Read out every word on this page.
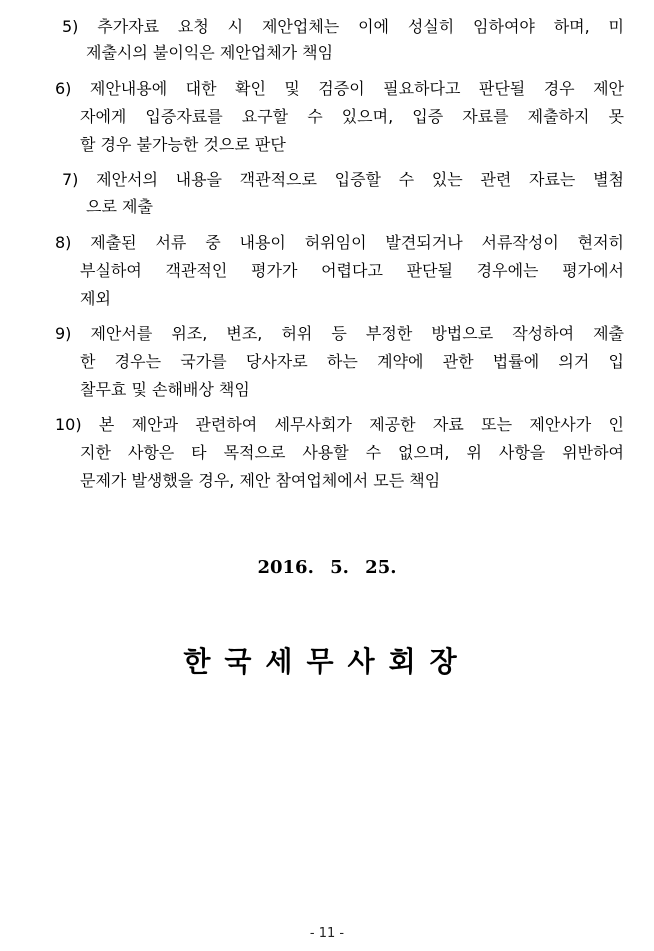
5) 추가자료 요청 시 제안업체는 이에 성실히 임하여야 하며, 미
제출시의 불이익은 제안업체가 책임
6) 제안내용에 대한 확인 및 검증이 필요하다고 판단될 경우 제안
자에게 입증자료를 요구할 수 있으며, 입증 자료를 제출하지 못
할 경우 불가능한 것으로 판단
7) 제안서의 내용을 객관적으로 입증할 수 있는 관련 자료는 별첨
으로 제출
8) 제출된 서류 중 내용이 허위임이 발견되거나 서류작성이 현저히
부실하여 객관적인 평가가 어렵다고 판단될 경우에는 평가에서
제외
9) 제안서를 위조, 변조, 허위 등 부정한 방법으로 작성하여 제출
한 경우는 국가를 당사자로 하는 계약에 관한 법률에 의거 입
찰무효 및 손해배상 책임
10) 본 제안과 관련하여 세무사회가 제공한 자료 또는 제안사가 인
지한 사항은 타 목적으로 사용할 수 없으며, 위 사항을 위반하여
문제가 발생했을 경우, 제안 참여업체에서 모든 책임
2016. 5. 25.
한국세무사회장
- 11 -
